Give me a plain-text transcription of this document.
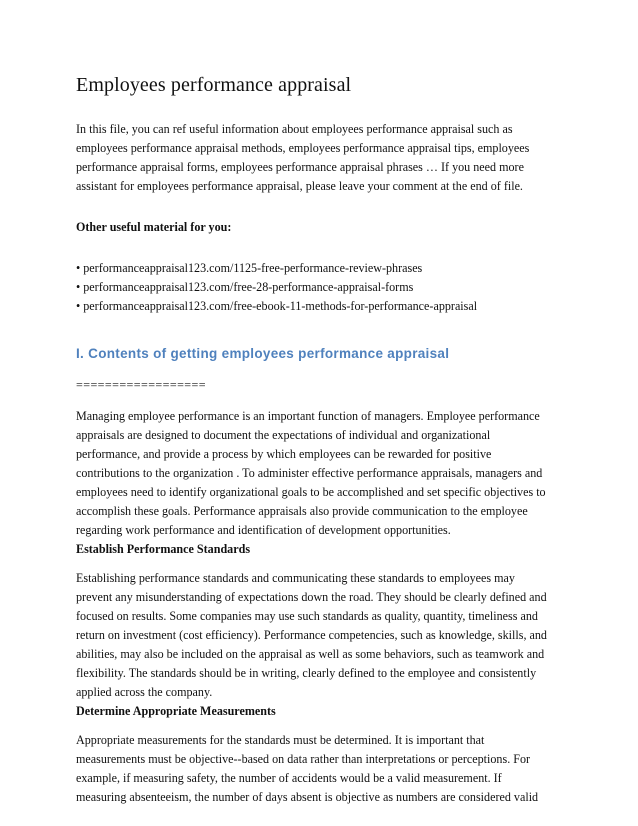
Employees performance appraisal
In this file, you can ref useful information about employees performance appraisal such as
employees performance appraisal methods, employees performance appraisal tips, employees
performance appraisal forms, employees performance appraisal phrases … If you need more
assistant for employees performance appraisal, please leave your comment at the end of file.

Other useful material for you:

• performanceappraisal123.com/1125-free-performance-review-phrases
• performanceappraisal123.com/free-28-performance-appraisal-forms
• performanceappraisal123.com/free-ebook-11-methods-for-performance-appraisal
I. Contents of getting employees performance appraisal
==================
Managing employee performance is an important function of managers. Employee performance
appraisals are designed to document the expectations of individual and organizational
performance, and provide a process by which employees can be rewarded for positive
contributions to the organization . To administer effective performance appraisals, managers and
employees need to identify organizational goals to be accomplished and set specific objectives to
accomplish these goals. Performance appraisals also provide communication to the employee
regarding work performance and identification of development opportunities.

Establish Performance Standards

Establishing performance standards and communicating these standards to employees may
prevent any misunderstanding of expectations down the road. They should be clearly defined and
focused on results. Some companies may use such standards as quality, quantity, timeliness and
return on investment (cost efficiency). Performance competencies, such as knowledge, skills, and
abilities, may also be included on the appraisal as well as some behaviors, such as teamwork and
flexibility. The standards should be in writing, clearly defined to the employee and consistently
applied across the company.

Determine Appropriate Measurements

Appropriate measurements for the standards must be determined. It is important that
measurements must be objective--based on data rather than interpretations or perceptions. For
example, if measuring safety, the number of accidents would be a valid measurement. If
measuring absenteeism, the number of days absent is objective as numbers are considered valid
